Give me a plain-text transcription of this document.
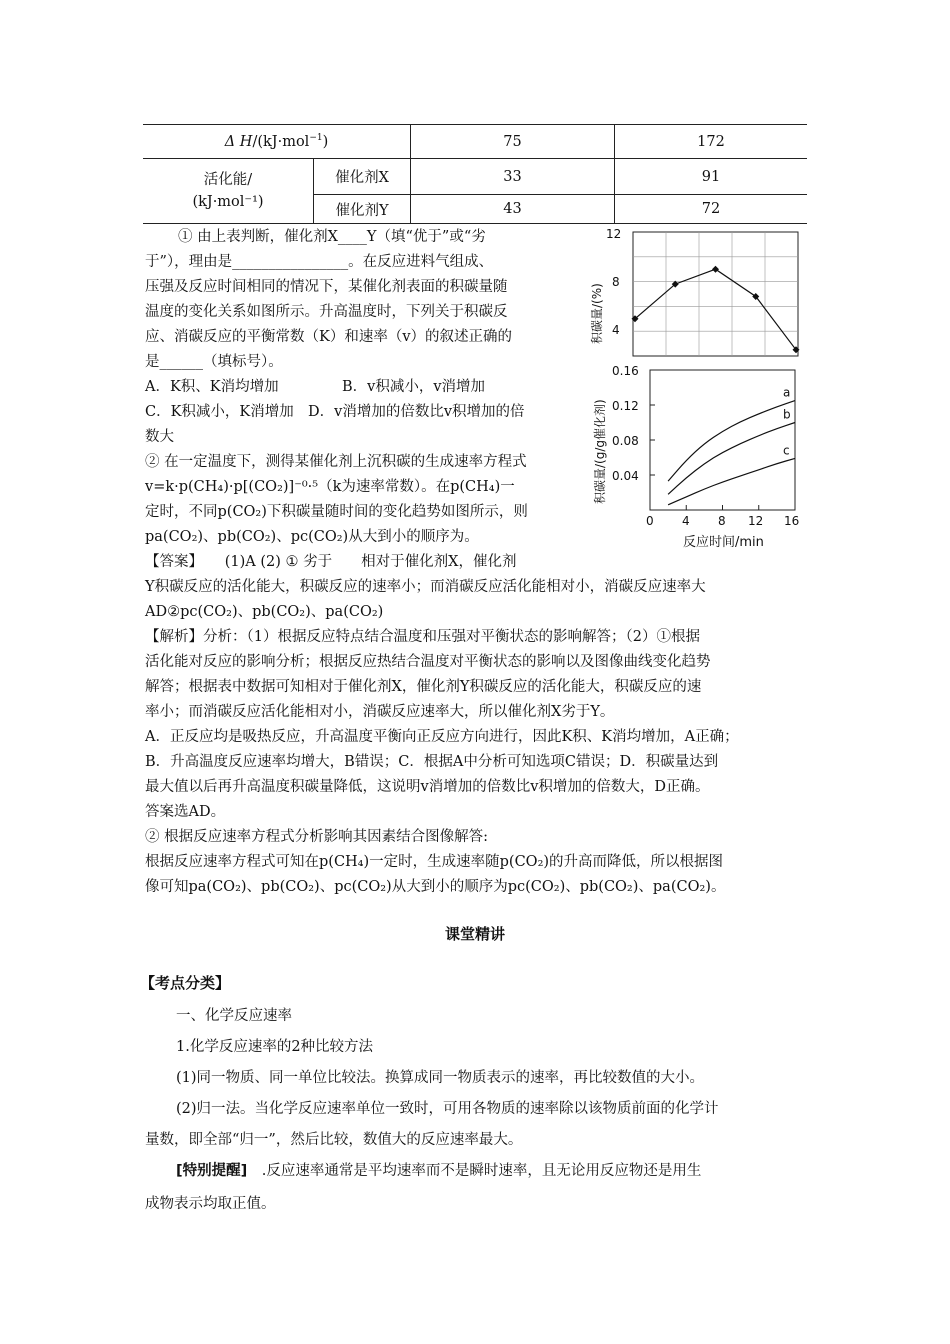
Δ H/(kJ·mol$^{-1}$)		75	172
活化能/
(kJ·mol⁻¹)	催化剂X	33	91
	催化剂Y	43	72
① 由上表判断，催化剂X____Y（填“优于”或“劣
于”），理由是________________。在反应进料气组成、
压强及反应时间相同的情况下，某催化剂表面的积碳量随
温度的变化关系如图所示。升高温度时，下列关于积碳反
应、消碳反应的平衡常数（K）和速率（v）的叙述正确的
是______（填标号）。
A．K积、K消均增加	B．v积减小，v消增加
C．K积减小，K消增加 D．v消增加的倍数比v积增加的倍
数大
② 在一定温度下，测得某催化剂上沉积碳的生成速率方程式
v=k·p(CH₄)·p[(CO₂)]⁻⁰·⁵（k为速率常数）。在p(CH₄)一
定时，不同p(CO₂)下积碳量随时间的变化趋势如图所示，则
pa(CO₂)、pb(CO₂)、pc(CO₂)从大到小的顺序为。
【答案】　　(1)A (2) ① 劣于　　相对于催化剂X，催化剂
Y积碳反应的活化能大，积碳反应的速率小；而消碳反应活化能相对小，消碳反应速率大
AD②pc(CO₂)、pb(CO₂)、pa(CO₂)
【解析】分析：（1）根据反应特点结合温度和压强对平衡状态的影响解答；（2）①根据
活化能对反应的影响分析；根据反应热结合温度对平衡状态的影响以及图像曲线变化趋势
解答；根据表中数据可知相对于催化剂X，催化剂Y积碳反应的活化能大，积碳反应的速
率小；而消碳反应活化能相对小，消碳反应速率大，所以催化剂X劣于Y。
A．正反应均是吸热反应，升高温度平衡向正反应方向进行，因此K积、K消均增加，A正确；
B．升高温度反应速率均增大，B错误；C．根据A中分析可知选项C错误；D．积碳量达到
最大值以后再升高温度积碳量降低，这说明v消增加的倍数比v积增加的倍数大，D正确。
答案选AD。
② 根据反应速率方程式分析影响其因素结合图像解答:
根据反应速率方程式可知在p(CH₄)一定时，生成速率随p(CO₂)的升高而降低，所以根据图
像可知pa(CO₂)、pb(CO₂)、pc(CO₂)从大到小的顺序为pc(CO₂)、pb(CO₂)、pa(CO₂)。
课堂精讲
【考点分类】
一、化学反应速率
1.化学反应速率的2种比较方法
(1)同一物质、同一单位比较法。换算成同一物质表示的速率，再比较数值的大小。
(2)归一法。当化学反应速率单位一致时，可用各物质的速率除以该物质前面的化学计
量数，即全部“归一”，然后比较，数值大的反应速率最大。
[特别提醒]　.反应速率通常是平均速率而不是瞬时速率，且无论用反应物还是用生
成物表示均取正值。
12
8
4
积碳量/(%)
0.16
0.12
0.08
0.04
积碳量/(g/g催化剂)
0 4 8 12 16
反应时间/min
a
b
c
